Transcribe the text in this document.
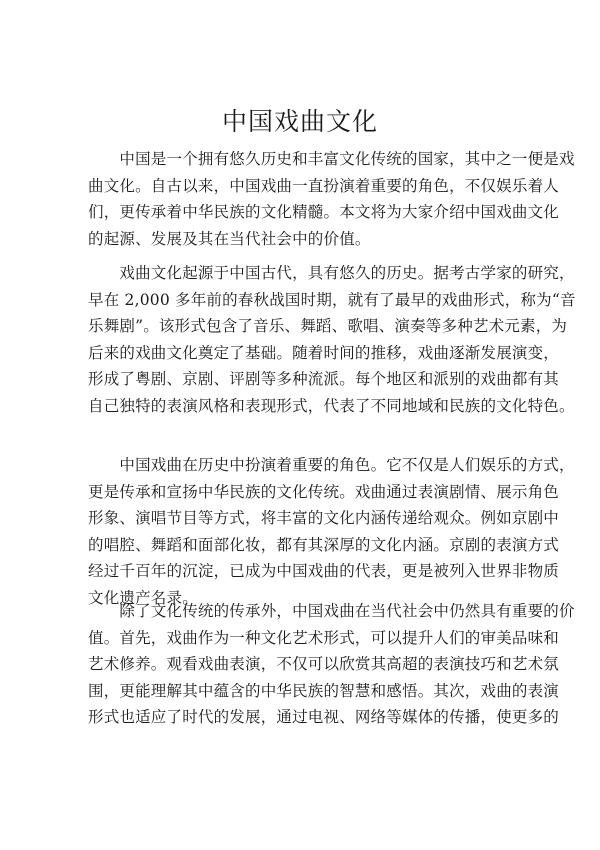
中国戏曲文化

　　中国是一个拥有悠久历史和丰富文化传统的国家，其中之一便是戏
曲文化。自古以来，中国戏曲一直扮演着重要的角色，不仅娱乐着人
们，更传承着中华民族的文化精髓。本文将为大家介绍中国戏曲文化
的起源、发展及其在当代社会中的价值。

　　戏曲文化起源于中国古代，具有悠久的历史。据考古学家的研究，
早在 2,000 多年前的春秋战国时期，就有了最早的戏曲形式，称为“音
乐舞剧”。该形式包含了音乐、舞蹈、歌唱、演奏等多种艺术元素，为
后来的戏曲文化奠定了基础。随着时间的推移，戏曲逐渐发展演变，
形成了粤剧、京剧、评剧等多种流派。每个地区和派别的戏曲都有其
自己独特的表演风格和表现形式，代表了不同地域和民族的文化特色。

　　中国戏曲在历史中扮演着重要的角色。它不仅是人们娱乐的方式，
更是传承和宣扬中华民族的文化传统。戏曲通过表演剧情、展示角色
形象、演唱节目等方式，将丰富的文化内涵传递给观众。例如京剧中
的唱腔、舞蹈和面部化妆，都有其深厚的文化内涵。京剧的表演方式
经过千百年的沉淀，已成为中国戏曲的代表，更是被列入世界非物质
文化遗产名录。

　　除了文化传统的传承外，中国戏曲在当代社会中仍然具有重要的价
值。首先，戏曲作为一种文化艺术形式，可以提升人们的审美品味和
艺术修养。观看戏曲表演，不仅可以欣赏其高超的表演技巧和艺术氛
围，更能理解其中蕴含的中华民族的智慧和感悟。其次，戏曲的表演
形式也适应了时代的发展，通过电视、网络等媒体的传播，使更多的
